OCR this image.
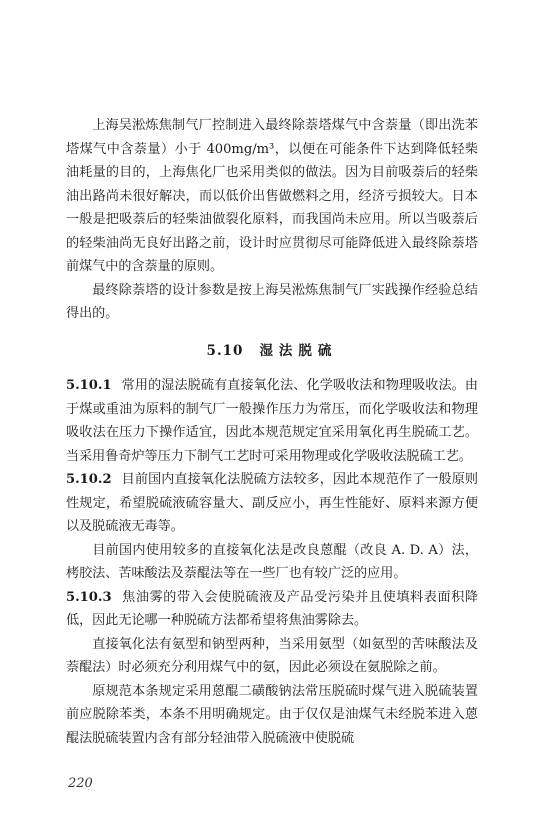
上海吴淞炼焦制气厂控制进入最终除萘塔煤气中含萘量（即出洗苯塔煤气中含萘量）小于 400mg/m³，以便在可能条件下达到降低轻柴油耗量的目的，上海焦化厂也采用类似的做法。因为目前吸萘后的轻柴油出路尚未很好解决，而以低价出售做燃料之用，经济亏损较大。日本一般是把吸萘后的轻柴油做裂化原料，而我国尚未应用。所以当吸萘后的轻柴油尚无良好出路之前，设计时应贯彻尽可能降低进入最终除萘塔前煤气中的含萘量的原则。

最终除萘塔的设计参数是按上海吴淞炼焦制气厂实践操作经验总结得出的。

5.10 湿法脱硫

5.10.1 常用的湿法脱硫有直接氧化法、化学吸收法和物理吸收法。由于煤或重油为原料的制气厂一般操作压力为常压，而化学吸收法和物理吸收法在压力下操作适宜，因此本规范规定宜采用氧化再生脱硫工艺。当采用鲁奇炉等压力下制气工艺时可采用物理或化学吸收法脱硫工艺。

5.10.2 目前国内直接氧化法脱硫方法较多，因此本规范作了一般原则性规定，希望脱硫液硫容量大、副反应小，再生性能好、原料来源方便以及脱硫液无毒等。

目前国内使用较多的直接氧化法是改良蒽醌（改良 A. D. A）法，栲胶法、苦味酸法及萘醌法等在一些厂也有较广泛的应用。

5.10.3 焦油雾的带入会使脱硫液及产品受污染并且使填料表面积降低，因此无论哪一种脱硫方法都希望将焦油雾除去。

直接氧化法有氨型和钠型两种，当采用氨型（如氨型的苦味酸法及萘醌法）时必须充分利用煤气中的氨，因此必须设在氨脱除之前。

原规范本条规定采用蒽醌二磺酸钠法常压脱硫时煤气进入脱硫装置前应脱除苯类，本条不用明确规定。由于仅仅是油煤气未经脱苯进入蒽醌法脱硫装置内含有部分轻油带入脱硫液中使脱硫

220
